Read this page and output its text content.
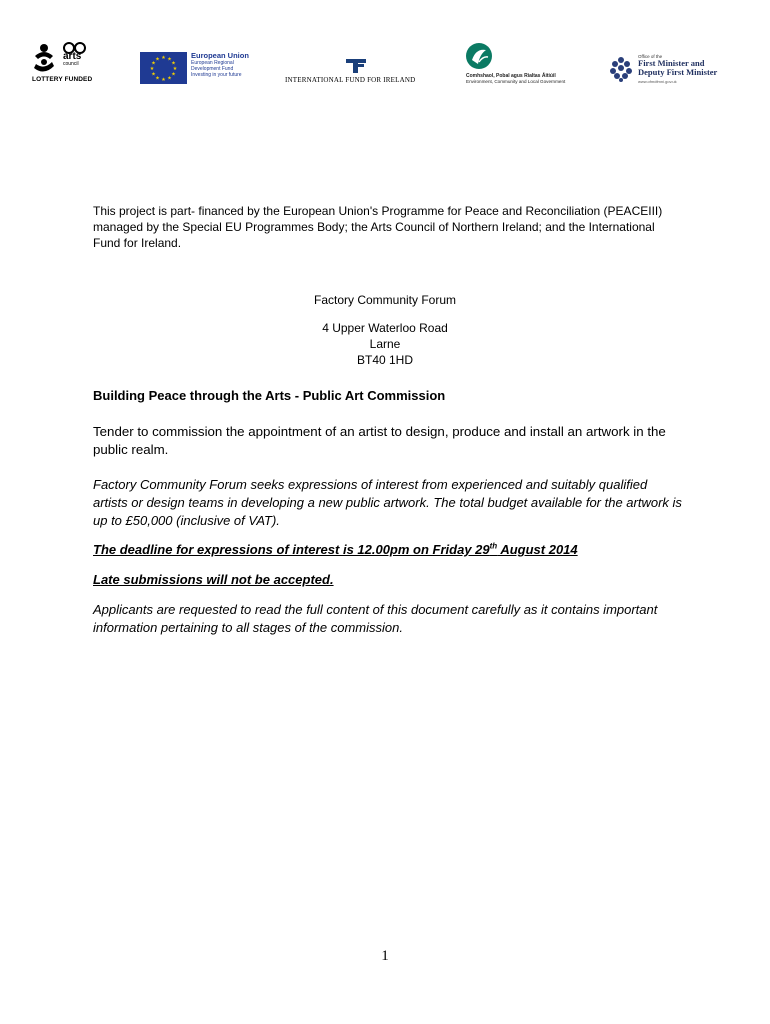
arts
council
LOTTERY FUNDED
★ ★
★
★
★
★
★
★
★
★
★
★	European Union
European Regional
Development Fund
Investing in your future
INTERNATIONAL FUND FOR IRELAND	Comhshaol, Pobal agus Rialtas Áitiúil
Environment, Community and Local Government
Office of the
First Minister and
Deputy First Minister
www.ofmdfmni.gov.uk

This project is part- financed by the European Union's Programme for Peace and Reconciliation (PEACEIII) managed by the Special EU Programmes Body; the Arts Council of Northern Ireland; and the International Fund for Ireland.

Factory Community Forum
4 Upper Waterloo Road
Larne
BT40 1HD
Building Peace through the Arts - Public Art Commission

Tender to commission the appointment of an artist to design, produce and install an artwork in the public realm.

Factory Community Forum seeks expressions of interest from experienced and suitably qualified artists or design teams in developing a new public artwork. The total budget available for the artwork is up to £50,000 (inclusive of VAT).

The deadline for expressions of interest is 12.00pm on Friday 29th August 2014
Late submissions will not be accepted.

Applicants are requested to read the full content of this document carefully as it contains important information pertaining to all stages of the commission.

1
